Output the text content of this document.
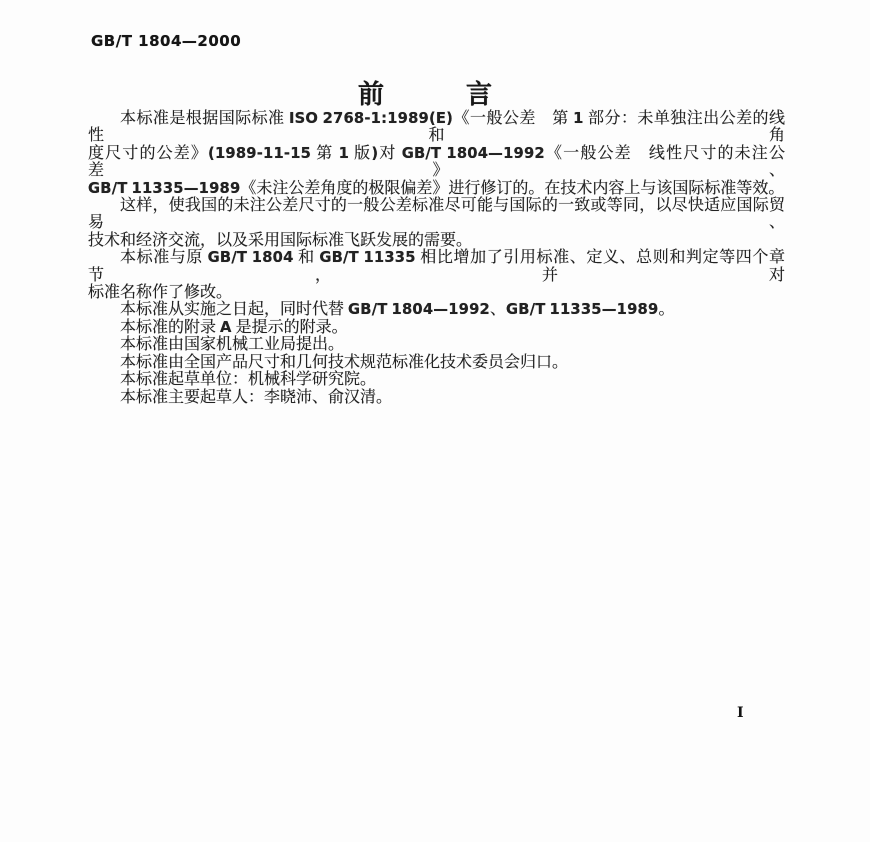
GB/T 1804—2000
前　　　言
本标准是根据国际标准 ISO 2768-1:1989(E)《一般公差　第 1 部分：未单独注出公差的线性和角
度尺寸的公差》(1989-11-15 第 1 版)对 GB/T 1804—1992《一般公差　线性尺寸的未注公差》、
GB/T 11335—1989《未注公差角度的极限偏差》进行修订的。在技术内容上与该国际标准等效。
这样，使我国的未注公差尺寸的一般公差标准尽可能与国际的一致或等同，以尽快适应国际贸易、
技术和经济交流，以及采用国际标准飞跃发展的需要。
本标准与原 GB/T 1804 和 GB/T 11335 相比增加了引用标准、定义、总则和判定等四个章节，并对
标准名称作了修改。
本标准从实施之日起，同时代替 GB/T 1804—1992、GB/T 11335—1989。
本标准的附录 A 是提示的附录。
本标准由国家机械工业局提出。
本标准由全国产品尺寸和几何技术规范标准化技术委员会归口。
本标准起草单位：机械科学研究院。
本标准主要起草人：李晓沛、俞汉清。
Ⅰ
